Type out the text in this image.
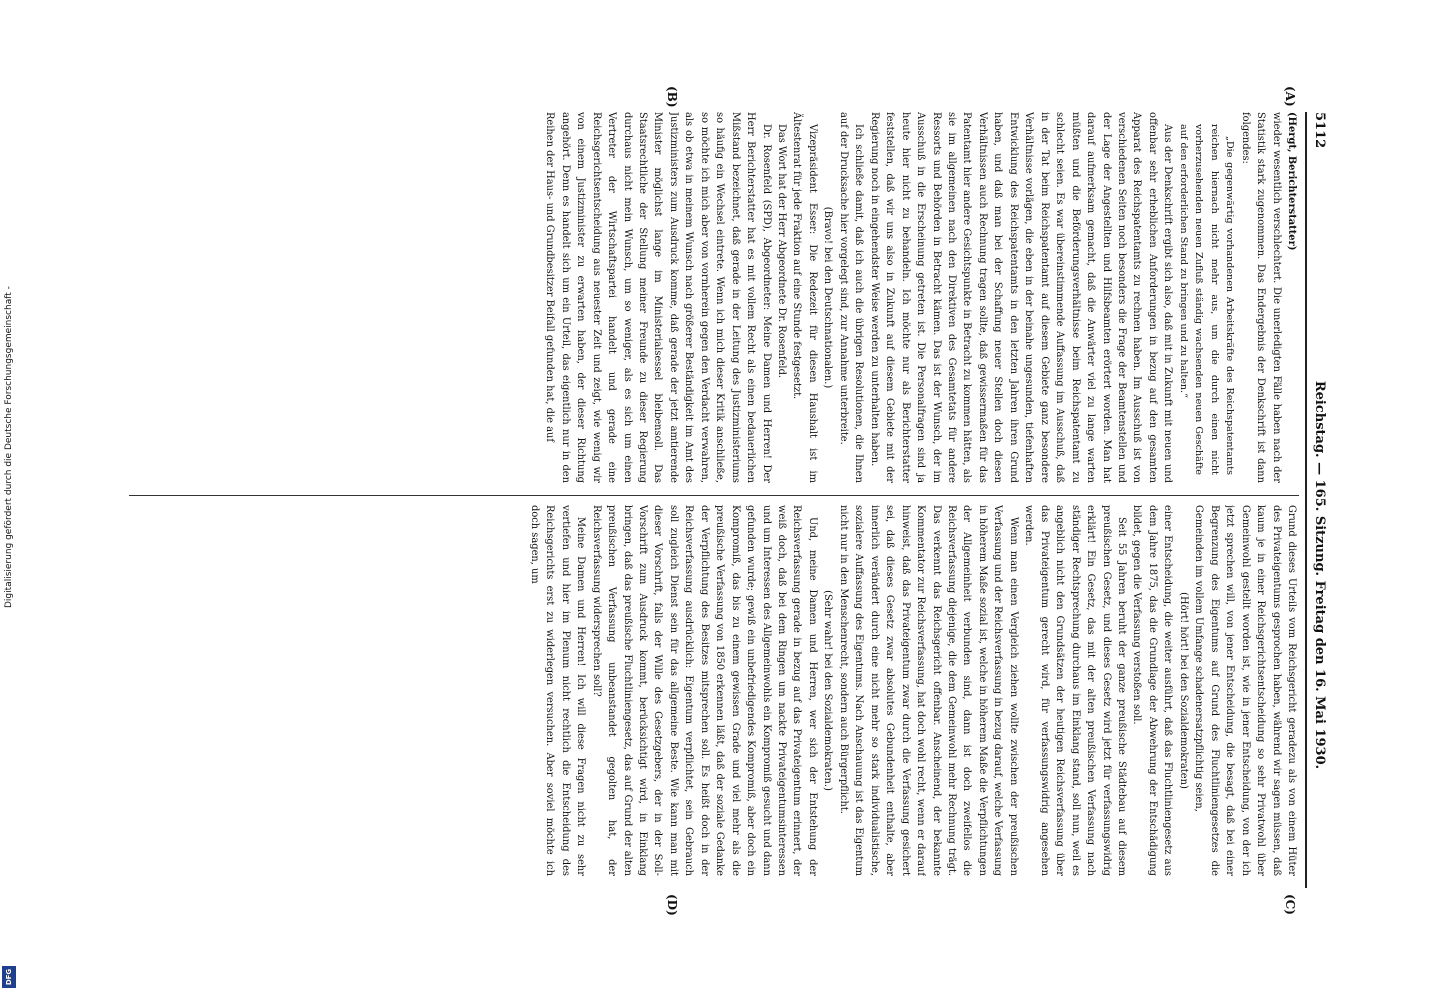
5112
Reichstag. — 165. Sitzung. Freitag den 16. Mai 1930.
(A)
(B)
(C)
(D)

(Hergt, Berichterstatter)

wieder wesentlich verschlechtert. Die unerledigten Fälle haben nach der Statistik stark zugenommen. Das Endergebnis der Denkschrift ist dann folgendes:

„Die gegenwärtig vorhandenen Arbeitskräfte des Reichspatentamts reichen hiernach nicht mehr aus, um die durch einen nicht vorherzusehenden neuen Zufluß ständig wachsenden neuen Geschäfte auf den erforderlichen Stand zu bringen und zu halten.“

Aus der Denkschrift ergibt sich also, daß mit in Zukunft mit neuen und offenbar sehr erheblichen Anforderungen in bezug auf den gesamten Apparat des Reichspatentamts zu rechnen haben. Im Ausschuß ist von verschiedenen Seiten noch besonders die Frage der Beamtenstellen und der Lage der Angestellten und Hilfsbeamten erörtert worden. Man hat darauf aufmerksam gemacht, daß die Anwärter viel zu lange warten müßten und die Beförderungsverhältnisse beim Reichspatentamt zu schlecht seien. Es war übereinstimmende Auffassung im Ausschuß, daß in der Tat beim Reichspatentamt auf diesem Gebiete ganz besondere Verhältnisse vorlägen, die eben in der beinahe ungesunden, tiefenhaften Entwicklung des Reichspatentamts in den letzten Jahren ihren Grund haben, und daß man bei der Schaffung neuer Stellen doch diesen Verhältnissen auch Rechnung tragen sollte, daß gewissermaßen für das Patentamt hier andere Gesichtspunkte in Betracht zu kommen hätten, als sie im allgemeinen nach den Direktiven des Gesamtetats für andere Ressorts und Behörden in Betracht kämen. Das ist der Wunsch, der im Ausschuß in die Erscheinung getreten ist. Die Personalfragen sind ja heute hier nicht zu behandeln. Ich möchte nur als Berichterstatter feststellen, daß wir uns also in Zukunft auf diesem Gebiete mit der Regierung noch in eingehendster Weise werden zu unterhalten haben.

Ich schließe damit, daß ich auch die übrigen Resolutionen, die Ihnen auf der Drucksache hier vorgelegt sind, zur Annahme unterbreite.

(Bravo! bei den Deutschnationalen.)

Vizepräsident Esser: Die Redezeit für diesen Haushalt ist im Ältestenrat für jede Fraktion auf eine Stunde festgesetzt.

Das Wort hat der Herr Abgeordnete Dr. Rosenfeld.

Dr. Rosenfeld (SPD), Abgeordneter: Meine Damen und Herren! Der Herr Berichterstatter hat es mit vollem Recht als einen bedauerlichen Mißstand bezeichnet, daß gerade in der Leitung des Justizministeriums so häufig ein Wechsel eintrete. Wenn ich mich dieser Kritik anschließe, so möchte ich mich aber von vornherein gegen den Verdacht verwahren, als ob etwa in meinem Wunsch nach größerer Beständigkeit im Amt des Justizministers zum Ausdruck komme, daß gerade der jetzt amtierende Minister möglichst lange im Ministerialsessel bleibensoll. Das Staatsrechtliche der Stellung meiner Freunde zu dieser Regierung durchaus nicht mein Wunsch, um so weniger, als es sich um einen Vertreter der Wirtschaftspartei handelt und gerade eine Reichsgerichtsentscheidung aus neuester Zeit und zeigt, wie wenig wir von einem Justizminister zu erwarten haben, der dieser Richtung angehört. Denn es handelt sich um ein Urteil, das eigentlich nur in den Reihen der Haus- und Grundbesitzer Beifall gefunden hat, die auf

Grund dieses Urteils vom Reichsgericht geradezu als von einem Hüter des Privateigentums gesprochen haben, während wir sagen müssen, daß kaum je in einer Reichsgerichtsentscheidung so sehr Privatwohl über Gemeinwohl gestellt worden ist, wie in jener Entscheidung, von der ich jetzt sprechen will, von jener Entscheidung, die besagt, daß bei einer Begrenzung des Eigentums auf Grund des Fluchtliniengesetzes die Gemeinden im vollem Umfange schadenersatzpflichtig seien,

(Hört! hört! bei den Sozialdemokraten)

einer Entscheidung, die weiter ausführt, daß das Fluchtliniengesetz aus dem Jahre 1875, das die Grundlage der Abwehrung der Entschädigung bildet, gegen die Verfassung verstoßen soll.

Seit 55 Jahren beruht der ganze preußische Städtebau auf diesem preußischen Gesetz, und dieses Gesetz wird jetzt für verfassungswidrig erklärt! Ein Gesetz, das mit der alten preußischen Verfassung nach ständiger Rechtsprechung durchaus im Einklang stand, soll nun, weil es angeblich nicht den Grundsätzen der heutigen Reichsverfassung über das Privateigentum gerecht wird, für verfassungswidrig angesehen werden.

Wenn man einen Vergleich ziehen wollte zwischen der preußischen Verfassung und der Reichsverfassung in bezug darauf, welche Verfassung in höherem Maße sozial ist, welche in höherem Maße die Verpflichtungen der Allgemeinheit verbunden sind, dann ist doch zweifellos die Reichsverfassung diejenige, die dem Gemeinwohl mehr Rechnung trägt. Das verkennt das Reichsgericht offenbar. Anscheinend, der bekannte Kommentator zur Reichsverfassung, hat doch wohl recht, wenn er darauf hinweist, daß das Privateigentum zwar durch die Verfassung gesichert sei, daß dieses Gesetz zwar absolutes Gebundenheit enthalte, aber innerlich verändert durch eine nicht mehr so stark individualistische, sozialere Auffassung des Eigentums. Nach Anschauung ist das Eigentum nicht nur in den Menschenrecht, sondern auch Bürgerpflicht.

(Sehr wahr! bei den Sozialdemokraten.)

Und, meine Damen und Herren, wer sich der Entstehung der Reichsverfassung gerade in bezug auf das Privateigentum erinnert, der weiß doch, daß bei dem Ringen um nackte Privateigentumsinteressen und um Interessen des Allgemeinwohls ein Kompromiß gesucht und dann gefunden wurde; gewiß ein unbefriedigendes Kompromiß, aber doch ein Kompromiß, das bis zu einem gewissen Grade und viel mehr als die preußische Verfassung von 1850 erkennen läßt, daß der soziale Gedanke der Verpflichtung des Besitzes mitsprechen soll. Es heißt doch in der Reichsverfassung ausdrücklich: Eigentum verpflichtet, sein Gebrauch soll zugleich Dienst sein für das allgemeine Beste. Wie kann man mit dieser Vorschrift, falls der Wille des Gesetzgebers, der in der Soll-Vorschrift zum Ausdruck kommt, berücksichtigt wird, in Einklang bringen, daß das preußische Fluchtliniengesetz, das auf Grund der alten preußischen Verfassung unbeanstandet gegolten hat, der Reichsverfassung widersprechen soll?

Meine Damen und Herren! Ich will diese Fragen nicht zu sehr vertiefen und hier im Plenum nicht rechtlich die Entscheidung des Reichsgerichts erst zu widerlegen versuchen. Aber soviel möchte ich doch sagen, um

Digitalisierung gefördert durch die Deutsche Forschungsgemeinschaft -
DFG
